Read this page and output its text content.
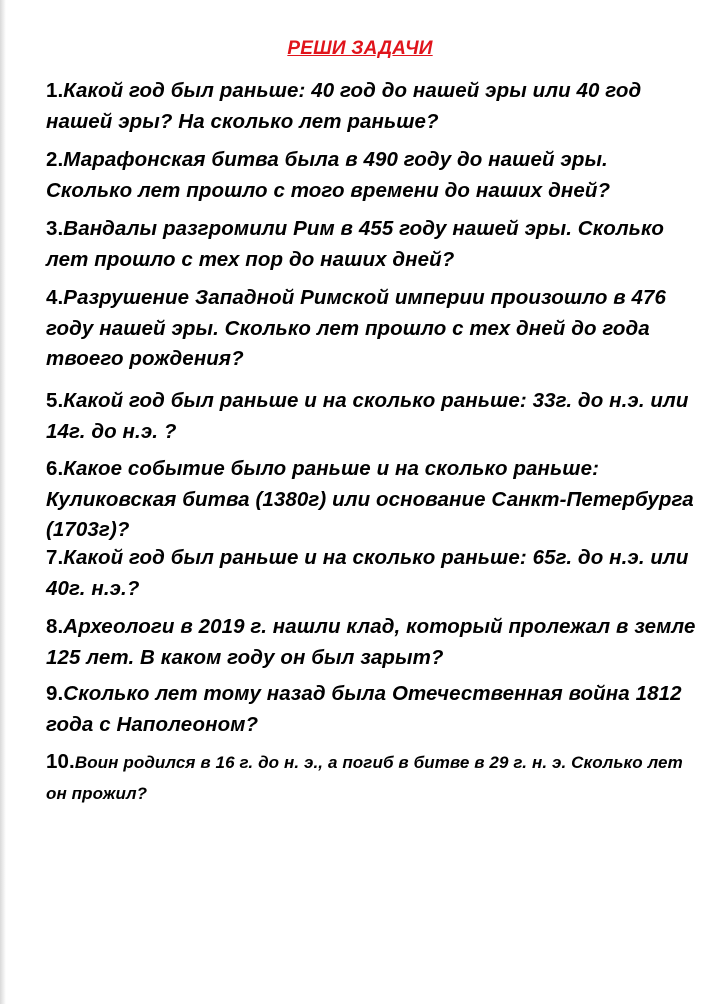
РЕШИ ЗАДАЧИ
1.Какой год был раньше: 40 год до нашей эры или 40 год нашей эры? На сколько лет раньше?
2.Марафонская битва была в 490 году до нашей эры. Сколько лет прошло с того времени до наших дней?
3.Вандалы разгромили Рим в 455 году нашей эры. Сколько лет прошло с тех пор до наших дней?
4.Разрушение Западной Римской империи произошло в 476 году нашей эры. Сколько лет прошло с тех дней до года твоего рождения?
5.Какой год был раньше и на сколько раньше: 33г. до н.э. или 14г. до н.э. ?
6.Какое событие было раньше и на сколько раньше: Куликовская битва (1380г) или основание Санкт-Петербурга (1703г)?
7.Какой год был раньше и на сколько раньше: 65г. до н.э. или 40г. н.э.?
8.Археологи в 2019 г. нашли клад, который пролежал в земле 125 лет. В каком году он был зарыт?
9.Сколько лет тому назад была Отечественная война 1812 года с Наполеоном?
10.Воин родился в 16 г. до н. э., а погиб в битве в 29 г. н. э. Сколько лет он прожил?
